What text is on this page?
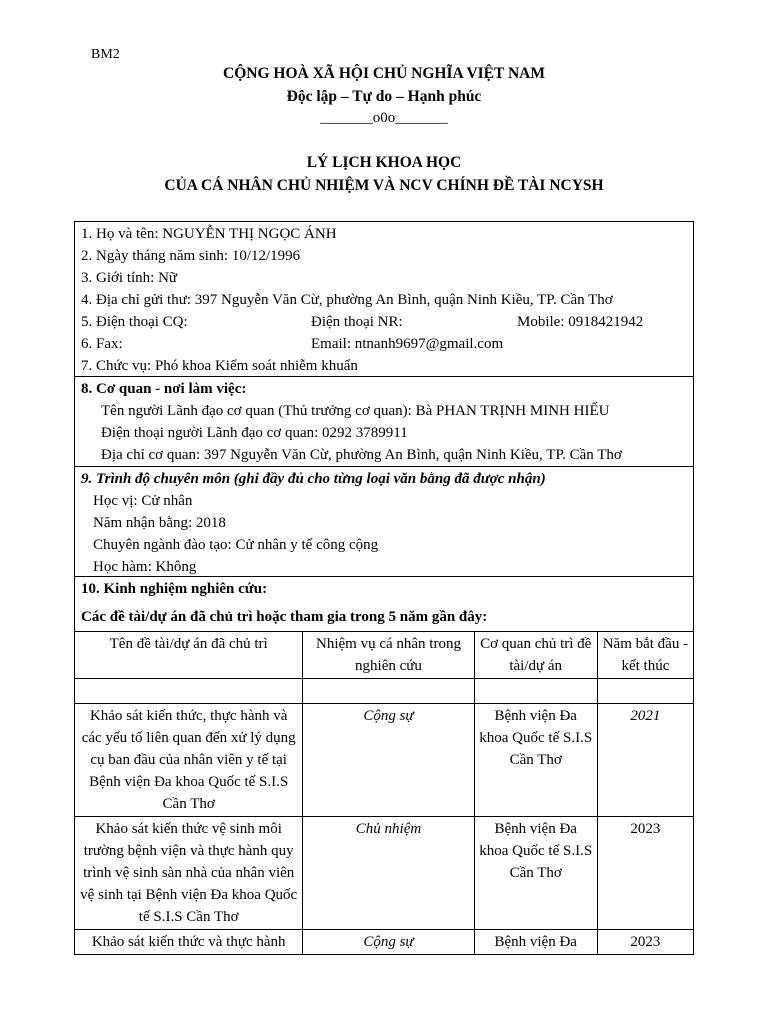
BM2
CỘNG HOÀ XÃ HỘI CHỦ NGHĨA VIỆT NAM
Độc lập – Tự do – Hạnh phúc
_______o0o_______
LÝ LỊCH KHOA HỌC
CỦA CÁ NHÂN CHỦ NHIỆM VÀ NCV CHÍNH ĐỀ TÀI NCYSH
1. Họ và tên: NGUYỄN THỊ NGỌC ÁNH
2. Ngày tháng năm sinh: 10/12/1996
3. Giới tính: Nữ
4. Địa chỉ gửi thư: 397 Nguyễn Văn Cừ, phường An Bình, quận Ninh Kiều, TP. Cần Thơ
5. Điện thoại CQ:	Điện thoại NR:	Mobile: 0918421942
6. Fax:	Email: ntnanh9697@gmail.com
7. Chức vụ: Phó khoa Kiểm soát nhiễm khuẩn
8. Cơ quan - nơi làm việc:
Tên người Lãnh đạo cơ quan (Thủ trưởng cơ quan): Bà PHAN TRỊNH MINH HIẾU
Điện thoại người Lãnh đạo cơ quan: 0292 3789911
Địa chỉ cơ quan: 397 Nguyễn Văn Cừ, phường An Bình, quận Ninh Kiều, TP. Cần Thơ
9. Trình độ chuyên môn (ghi đầy đủ cho từng loại văn bằng đã được nhận)
Học vị: Cử nhân
Năm nhận bằng: 2018
Chuyên ngành đào tạo: Cử nhân y tế công cộng
Học hàm: Không
10. Kinh nghiệm nghiên cứu:
Các đề tài/dự án đã chủ trì hoặc tham gia trong 5 năm gần đây:
Tên đề tài/dự án đã chủ trì	Nhiệm vụ cá nhân trong nghiên cứu	Cơ quan chủ trì đề tài/dự án	Năm bắt đầu - kết thúc

Khảo sát kiến thức, thực hành và các yếu tố liên quan đến xử lý dụng cụ ban đầu của nhân viên y tế tại Bệnh viện Đa khoa Quốc tế S.I.S Cần Thơ	Cộng sự	Bệnh viện Đa khoa Quốc tế S.I.S Cần Thơ	2021
Khảo sát kiến thức vệ sinh môi trường bệnh viện và thực hành quy trình vệ sinh sàn nhà của nhân viên vệ sinh tại Bệnh viện Đa khoa Quốc tế S.I.S Cần Thơ	Chủ nhiệm	Bệnh viện Đa khoa Quốc tế S.I.S Cần Thơ	2023
Khảo sát kiến thức và thực hành	Cộng sự	Bệnh viện Đa	2023
